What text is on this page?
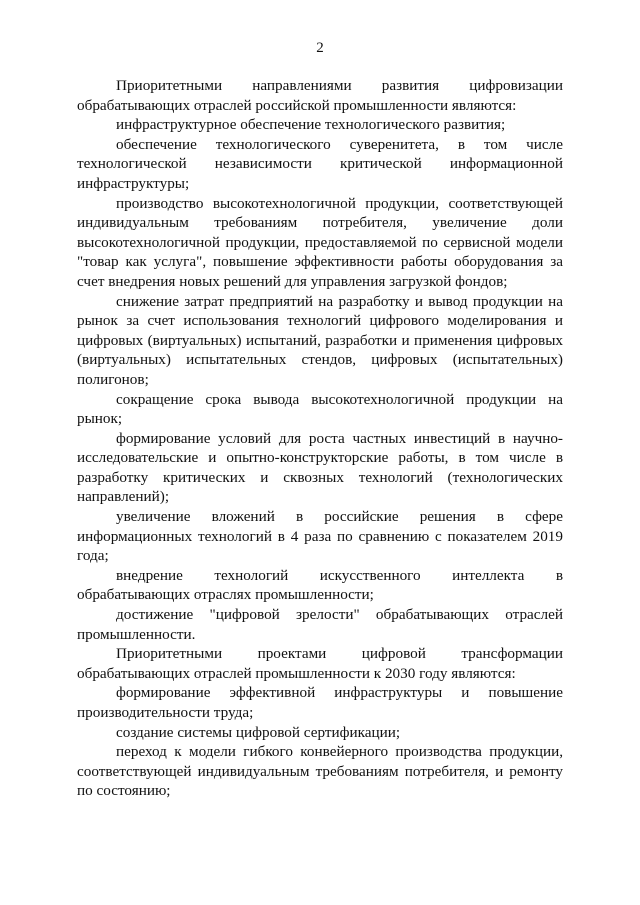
2

Приоритетными направлениями развития цифровизации обрабатывающих отраслей российской промышленности являются:

инфраструктурное обеспечение технологического развития;

обеспечение технологического суверенитета, в том числе технологической независимости критической информационной инфраструктуры;

производство высокотехнологичной продукции, соответствующей индивидуальным требованиям потребителя, увеличение доли высокотехнологичной продукции, предоставляемой по сервисной модели "товар как услуга", повышение эффективности работы оборудования за счет внедрения новых решений для управления загрузкой фондов;

снижение затрат предприятий на разработку и вывод продукции на рынок за счет использования технологий цифрового моделирования и цифровых (виртуальных) испытаний, разработки и применения цифровых (виртуальных) испытательных стендов, цифровых (испытательных) полигонов;

сокращение срока вывода высокотехнологичной продукции на рынок;

формирование условий для роста частных инвестиций в научно-исследовательские и опытно-конструкторские работы, в том числе в разработку критических и сквозных технологий (технологических направлений);

увеличение вложений в российские решения в сфере информационных технологий в 4 раза по сравнению с показателем 2019 года;

внедрение технологий искусственного интеллекта в обрабатывающих отраслях промышленности;

достижение "цифровой зрелости" обрабатывающих отраслей промышленности.

Приоритетными проектами цифровой трансформации обрабатывающих отраслей промышленности к 2030 году являются:

формирование эффективной инфраструктуры и повышение производительности труда;

создание системы цифровой сертификации;

переход к модели гибкого конвейерного производства продукции, соответствующей индивидуальным требованиям потребителя, и ремонту по состоянию;
